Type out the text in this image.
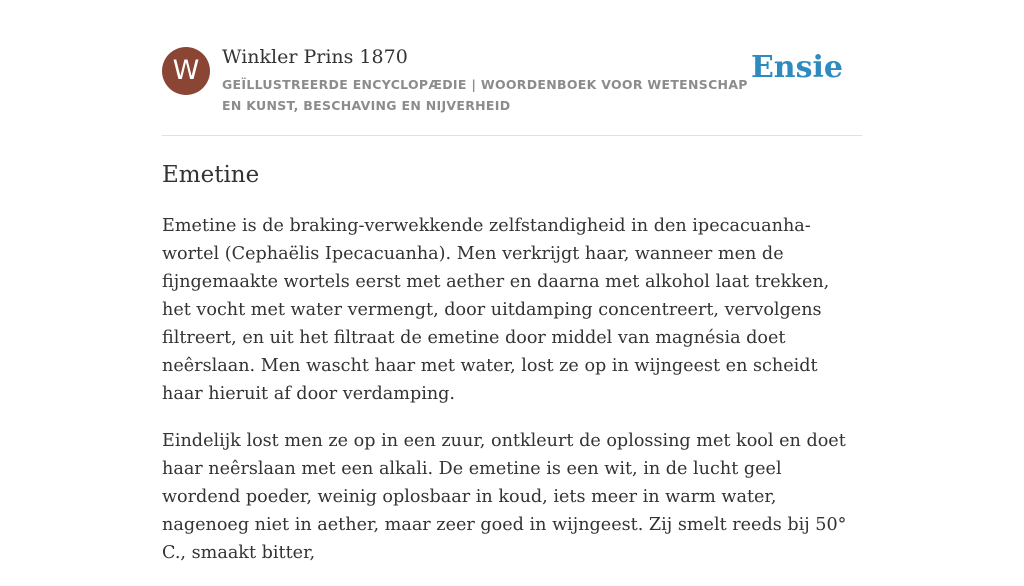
W	Winkler Prins 1870
GEÏLLUSTREERDE ENCYCLOPÆDIE | WOORDENBOEK VOOR WETENSCHAP EN KUNST, BESCHAVING EN NIJVERHEID
Ensie
Emetine

Emetine is de braking-verwekkende zelfstandigheid in den ipecacuanha-wortel (Cephaëlis Ipecacuanha). Men verkrijgt haar, wanneer men de fijngemaakte wortels eerst met aether en daarna met alkohol laat trekken, het vocht met water vermengt, door uitdamping concentreert, vervolgens filtreert, en uit het filtraat de emetine door middel van magnésia doet neêrslaan. Men wascht haar met water, lost ze op in wijngeest en scheidt haar hieruit af door verdamping.

Eindelijk lost men ze op in een zuur, ontkleurt de oplossing met kool en doet haar neêrslaan met een alkali. De emetine is een wit, in de lucht geel wordend poeder, weinig oplosbaar in koud, iets meer in warm water, nagenoeg niet in aether, maar zeer goed in wijngeest. Zij smelt reeds bij 50° C., smaakt bitter,
